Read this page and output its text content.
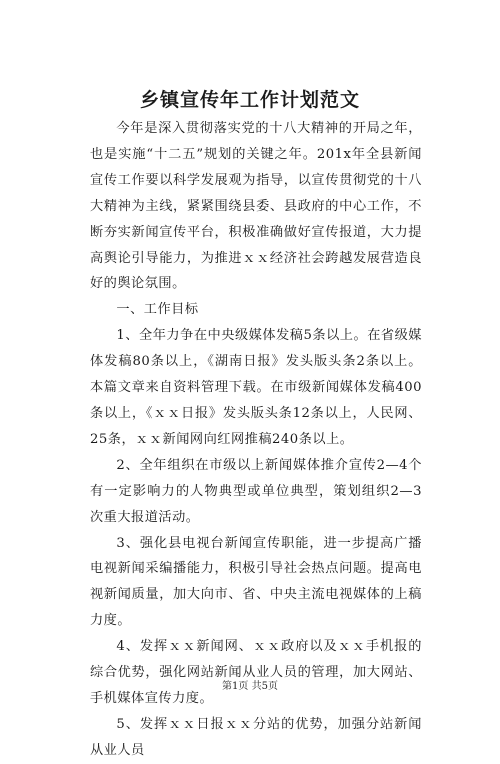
乡镇宣传年工作计划范文

今年是深入贯彻落实党的十八大精神的开局之年，也是实施“十二五”规划的关键之年。201x年全县新闻宣传工作要以科学发展观为指导，以宣传贯彻党的十八大精神为主线，紧紧围绕县委、县政府的中心工作，不断夯实新闻宣传平台，积极准确做好宣传报道，大力提高舆论引导能力，为推进ｘｘ经济社会跨越发展营造良好的舆论氛围。

一、工作目标

1、全年力争在中央级媒体发稿5条以上。在省级媒体发稿80条以上，《湖南日报》发头版头条2条以上。本篇文章来自资料管理下载。在市级新闻媒体发稿400条以上，《ｘｘ日报》发头版头条12条以上，人民网、25条，ｘｘ新闻网向红网推稿240条以上。

2、全年组织在市级以上新闻媒体推介宣传2—4个有一定影响力的人物典型或单位典型，策划组织2—3次重大报道活动。

3、强化县电视台新闻宣传职能，进一步提高广播电视新闻采编播能力，积极引导社会热点问题。提高电视新闻质量，加大向市、省、中央主流电视媒体的上稿力度。

4、发挥ｘｘ新闻网、ｘｘ政府以及ｘｘ手机报的综合优势，强化网站新闻从业人员的管理，加大网站、手机媒体宣传力度。

5、发挥ｘｘ日报ｘｘ分站的优势，加强分站新闻从业人员

第1页 共5页
